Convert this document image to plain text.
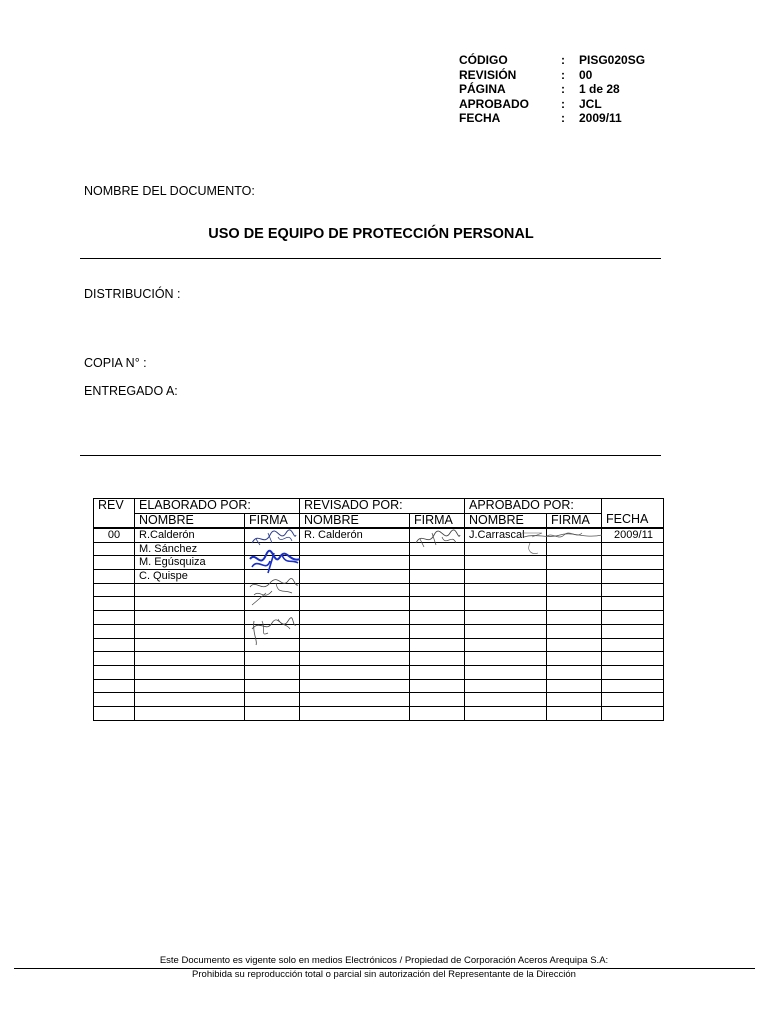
CÓDIGO	:	PISG020SG
REVISIÓN	:	00
PÁGINA	:	1 de 28
APROBADO	:	JCL
FECHA	:	2009/11
NOMBRE DEL DOCUMENTO:
USO DE EQUIPO DE PROTECCIÓN PERSONAL
DISTRIBUCIÓN :
COPIA N° :
ENTREGADO A:
REV	ELABORADO POR:		REVISADO POR:		APROBADO POR:		
	NOMBRE	FIRMA	NOMBRE	FIRMA	NOMBRE	FIRMA	FECHA
00	R.Calderón		R. Calderón		J.Carrascal		2009/11
	M. Sánchez						
	M. Egúsquiza						
	C. Quispe						

Este Documento es vigente solo en medios Electrónicos / Propiedad de Corporación Aceros Arequipa S.A:
Prohibida su reproducción total o parcial sin autorización del Representante de la Dirección
